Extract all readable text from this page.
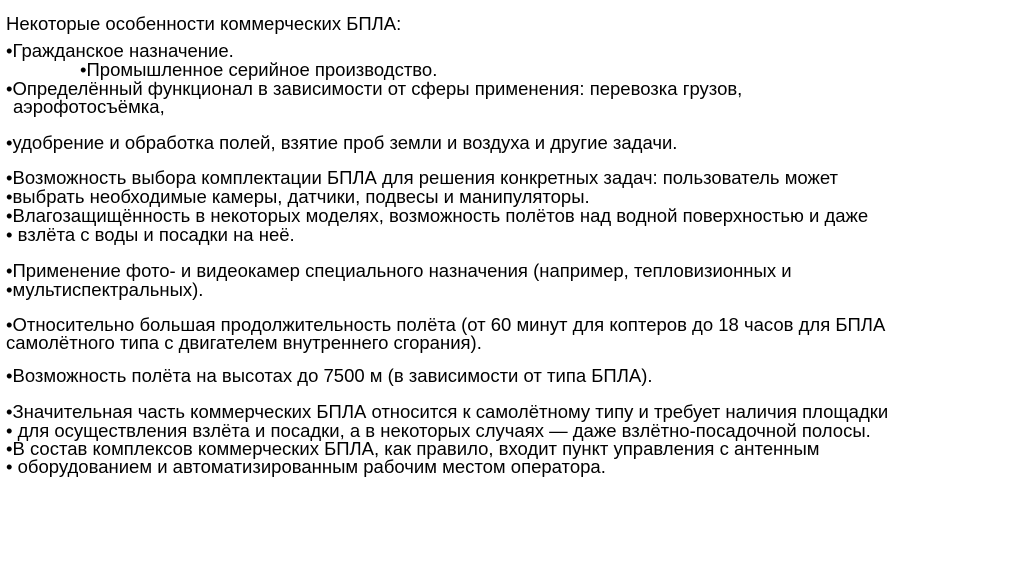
Некоторые особенности коммерческих БПЛА:
•Гражданское назначение.
•Промышленное серийное производство.
•Определённый функционал в зависимости от сферы применения: перевозка грузов,
аэрофотосъёмка,
•удобрение и обработка полей, взятие проб земли и воздуха и другие задачи.
•Возможность выбора комплектации БПЛА для решения конкретных задач: пользователь может
•выбрать необходимые камеры, датчики, подвесы и манипуляторы.
•Влагозащищённость в некоторых моделях, возможность полётов над водной поверхностью и даже
• взлёта с воды и посадки на неё.
•Применение фото- и видеокамер специального назначения (например, тепловизионных и
•мультиспектральных).
•Относительно большая продолжительность полёта (от 60 минут для коптеров до 18 часов для БПЛА
самолётного типа с двигателем внутреннего сгорания).
•Возможность полёта на высотах до 7500 м (в зависимости от типа БПЛА).
•Значительная часть коммерческих БПЛА относится к самолётному типу и требует наличия площадки
• для осуществления взлёта и посадки, а в некоторых случаях — даже взлётно-посадочной полосы.
•В состав комплексов коммерческих БПЛА, как правило, входит пункт управления с антенным
• оборудованием и автоматизированным рабочим местом оператора.
